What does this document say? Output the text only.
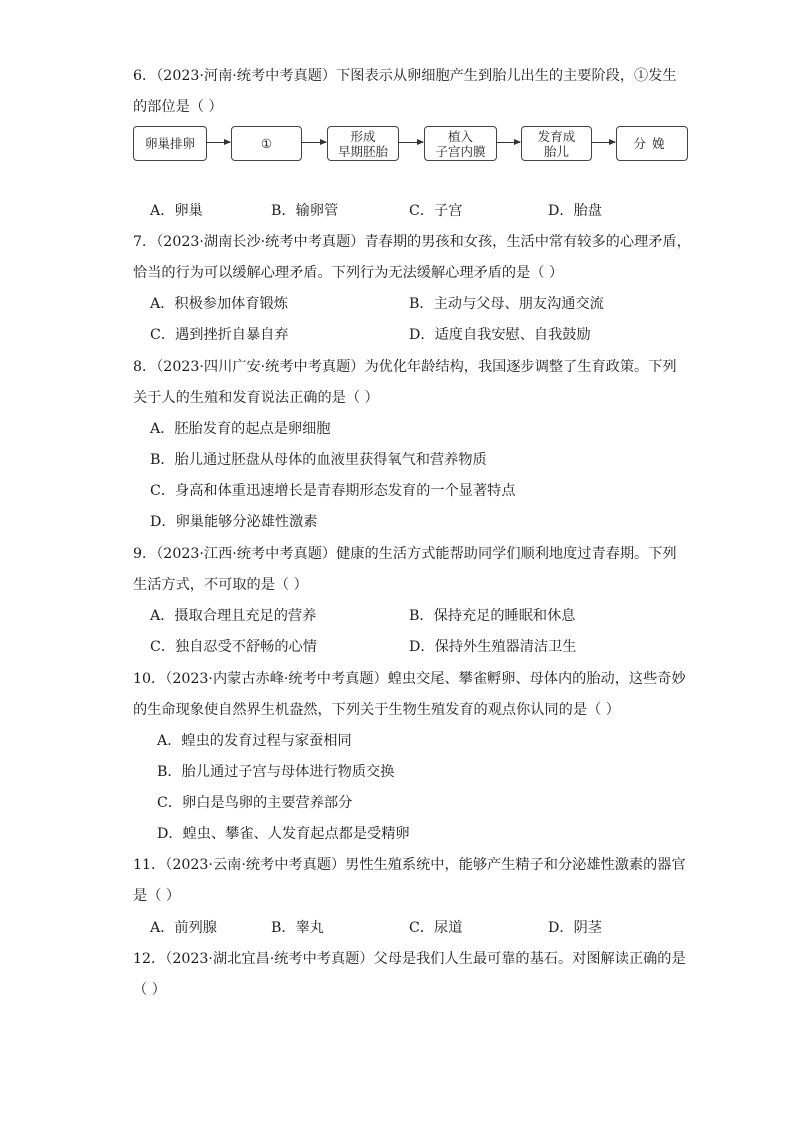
6．（2023·河南·统考中考真题）下图表示从卵细胞产生到胎儿出生的主要阶段，①发生
的部位是（ ）
卵巢排卵	①	形成
早期胚胎
植入
子宫内膜
发育成
胎儿	分娩
A．卵巢	B．输卵管	C．子宫	D．胎盘
7．（2023·湖南长沙·统考中考真题）青春期的男孩和女孩，生活中常有较多的心理矛盾，
恰当的行为可以缓解心理矛盾。下列行为无法缓解心理矛盾的是（ ）
A．积极参加体育锻炼	B．主动与父母、朋友沟通交流
C．遇到挫折自暴自弃	D．适度自我安慰、自我鼓励
8．（2023·四川广安·统考中考真题）为优化年龄结构，我国逐步调整了生育政策。下列
关于人的生殖和发育说法正确的是（ ）
A．胚胎发育的起点是卵细胞
B．胎儿通过胚盘从母体的血液里获得氧气和营养物质
C．身高和体重迅速增长是青春期形态发育的一个显著特点
D．卵巢能够分泌雄性激素
9．（2023·江西·统考中考真题）健康的生活方式能帮助同学们顺利地度过青春期。下列
生活方式，不可取的是（ ）
A．摄取合理且充足的营养	B．保持充足的睡眠和休息
C．独自忍受不舒畅的心情	D．保持外生殖器清洁卫生
10．（2023·内蒙古赤峰·统考中考真题）蝗虫交尾、攀雀孵卵、母体内的胎动，这些奇妙
的生命现象使自然界生机盎然，下列关于生物生殖发育的观点你认同的是（ ）
A．蝗虫的发育过程与家蚕相同
B．胎儿通过子宫与母体进行物质交换
C．卵白是鸟卵的主要营养部分
D．蝗虫、攀雀、人发育起点都是受精卵
11．（2023·云南·统考中考真题）男性生殖系统中，能够产生精子和分泌雄性激素的器官
是（ ）
A．前列腺	B．睾丸	C．尿道	D．阴茎
12．（2023·湖北宜昌·统考中考真题）父母是我们人生最可靠的基石。对图解读正确的是
（ ）
